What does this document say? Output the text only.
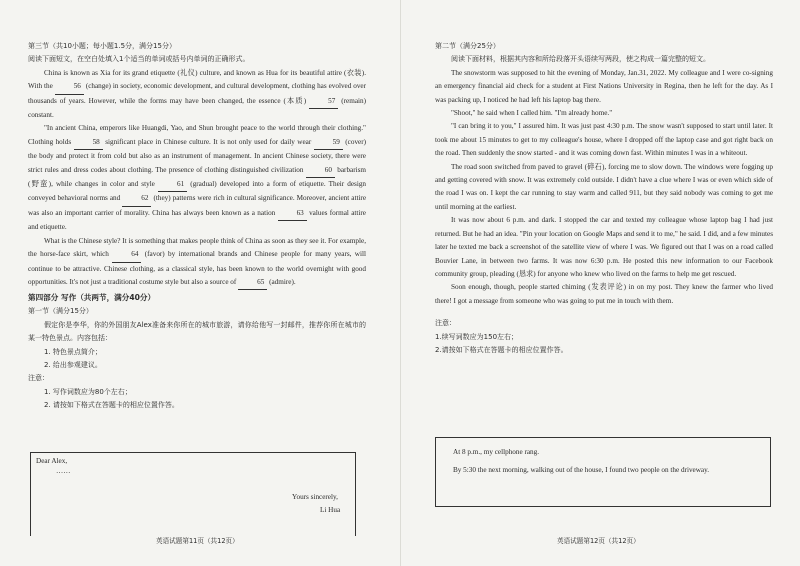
第三节（共10小题；每小题1.5分，满分15分）

阅读下面短文，在空白处填入1个适当的单词或括号内单词的正确形式。

China is known as Xia for its grand etiquette (礼仪) culture, and known as Hua for its beautiful attire (衣装). With the	56 (change) in society, economic development, and cultural development, clothing has evolved over thousands of years. However, while the forms may have been changed, the essence (本质)	57 (remain) constant.

"In ancient China, emperors like Huangdi, Yao, and Shun brought peace to the world through their clothing." Clothing holds	58 significant place in Chinese culture. It is not only used for daily wear	59 (cover) the body and protect it from cold but also as an instrument of management. In ancient Chinese society, there were strict rules and dress codes about clothing. The presence of clothing distinguished civilization	60 barbarism (野蛮), while changes in color and style	61 (gradual) developed into a form of etiquette. Their design conveyed behavioral norms and	62 (they) patterns were rich in cultural significance. Moreover, ancient attire was also an important carrier of morality. China has always been known as a nation	63 values formal attire and etiquette.

What is the Chinese style? It is something that makes people think of China as soon as they see it. For example, the horse-face skirt, which	64 (favor) by international brands and Chinese people for many years, will continue to be attractive. Chinese clothing, as a classical style, has been known to the world overnight with good opportunities. It's not just a traditional costume style but also a source of	65 (admire).

第四部分 写作（共两节，满分40分）

第一节（满分15分）

假定你是李华，你的外国朋友Alex准备来你所在的城市旅游，请你给他写一封邮件，推荐你所在城市的某一特色景点。内容包括：

1. 特色景点简介；

2. 给出参观建议。

注意：

1. 写作词数应为80个左右；

2. 请按如下格式在答题卡的相应位置作答。

Dear Alex,
……
Yours sincerely,
Li Hua
英语试题第11页（共12页）

第二节（满分25分）

阅读下面材料，根据其内容和所给段落开头语续写两段，使之构成一篇完整的短文。

The snowstorm was supposed to hit the evening of Monday, Jan.31, 2022. My colleague and I were co-signing an emergency financial aid check for a student at First Nations University in Regina, then he left for the day. As I was packing up, I noticed he had left his laptop bag there.

"Shoot," he said when I called him. "I'm already home."

"I can bring it to you," I assured him. It was just past 4:30 p.m. The snow wasn't supposed to start until later. It took me about 15 minutes to get to my colleague's house, where I dropped off the laptop case and got right back on the road. Then suddenly the snow started - and it was coming down fast. Within minutes I was in a whiteout.

The road soon switched from paved to gravel (碎石), forcing me to slow down. The windows were fogging up and getting covered with snow. It was extremely cold outside. I didn't have a clue where I was or even which side of the road I was on. I kept the car running to stay warm and called 911, but they said nobody was coming to get me until morning at the earliest.

It was now about 6 p.m. and dark. I stopped the car and texted my colleague whose laptop bag I had just returned. But he had an idea. "Pin your location on Google Maps and send it to me," he said. I did, and a few minutes later he texted me back a screenshot of the satellite view of where I was. We figured out that I was on a road called Bouvier Lane, in between two farms. It was now 6:30 p.m. He posted this new information to our Facebook community group, pleading (恳求) for anyone who knew who lived on the farms to help me get rescued.

Soon enough, though, people started chiming (发表评论) in on my post. They knew the farmer who lived there! I got a message from someone who was going to put me in touch with them.

注意：

1.续写词数应为150左右；

2.请按如下格式在答题卡的相应位置作答。

At 8 p.m., my cellphone rang.
By 5:30 the next morning, walking out of the house, I found two people on the driveway.
英语试题第12页（共12页）
